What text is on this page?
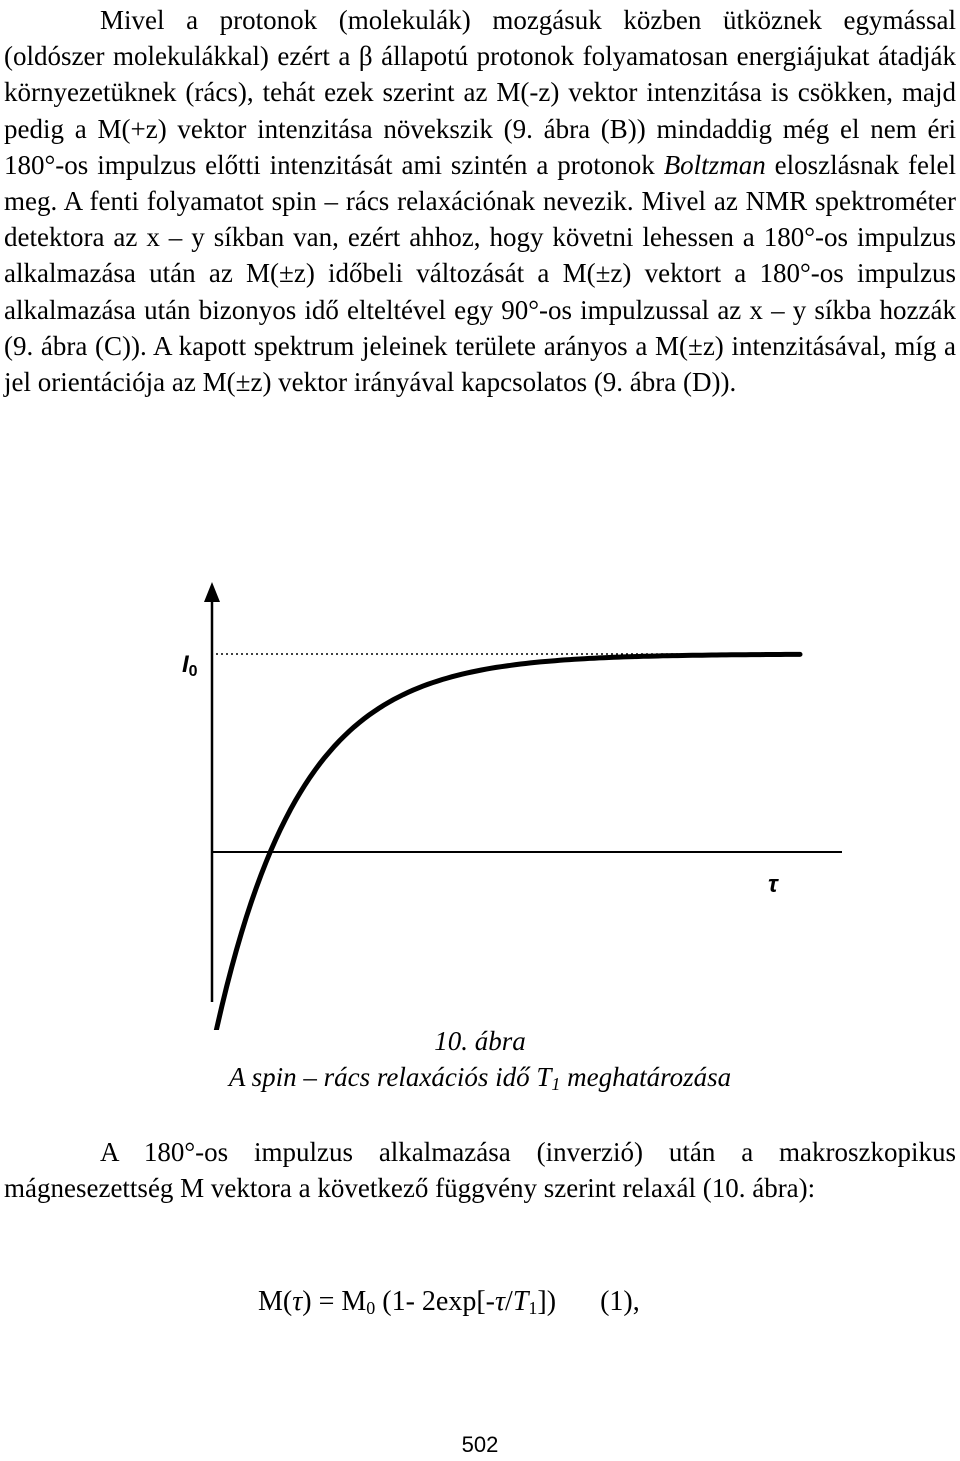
Mivel a protonok (molekulák) mozgásuk közben ütköznek egymással (oldószer molekulákkal) ezért a β állapotú protonok folyamatosan energiájukat átadják környezetüknek (rács), tehát ezek szerint az M(-z) vektor intenzitása is csökken, majd pedig a M(+z) vektor intenzitása növekszik (9. ábra (B)) mindaddig még el nem éri 180°-os impulzus előtti intenzitását ami szintén a protonok Boltzman eloszlásnak felel meg. A fenti folyamatot spin – rács relaxációnak nevezik. Mivel az NMR spektrométer detektora az x – y síkban van, ezért ahhoz, hogy követni lehessen a 180°-os impulzus alkalmazása után az M(±z) időbeli változását a M(±z) vektort a 180°-os impulzus alkalmazása után bizonyos idő elteltével egy 90°-os impulzussal az x – y síkba hozzák (9. ábra (C)). A kapott spektrum jeleinek területe arányos a M(±z) intenzitásával, míg a jel orientációja az M(±z) vektor irányával kapcsolatos (9. ábra (D)).

I0
τ

10. ábra

A spin – rács relaxációs idő $T_1$ meghatározása

A 180°-os impulzus alkalmazása (inverzió) után a makroszkopikus mágnesezettség M vektora a következő függvény szerint relaxál (10. ábra):

$M(\tau) = M_0$ (1- $2\exp[-\tau/T_1]$) (1),
502
